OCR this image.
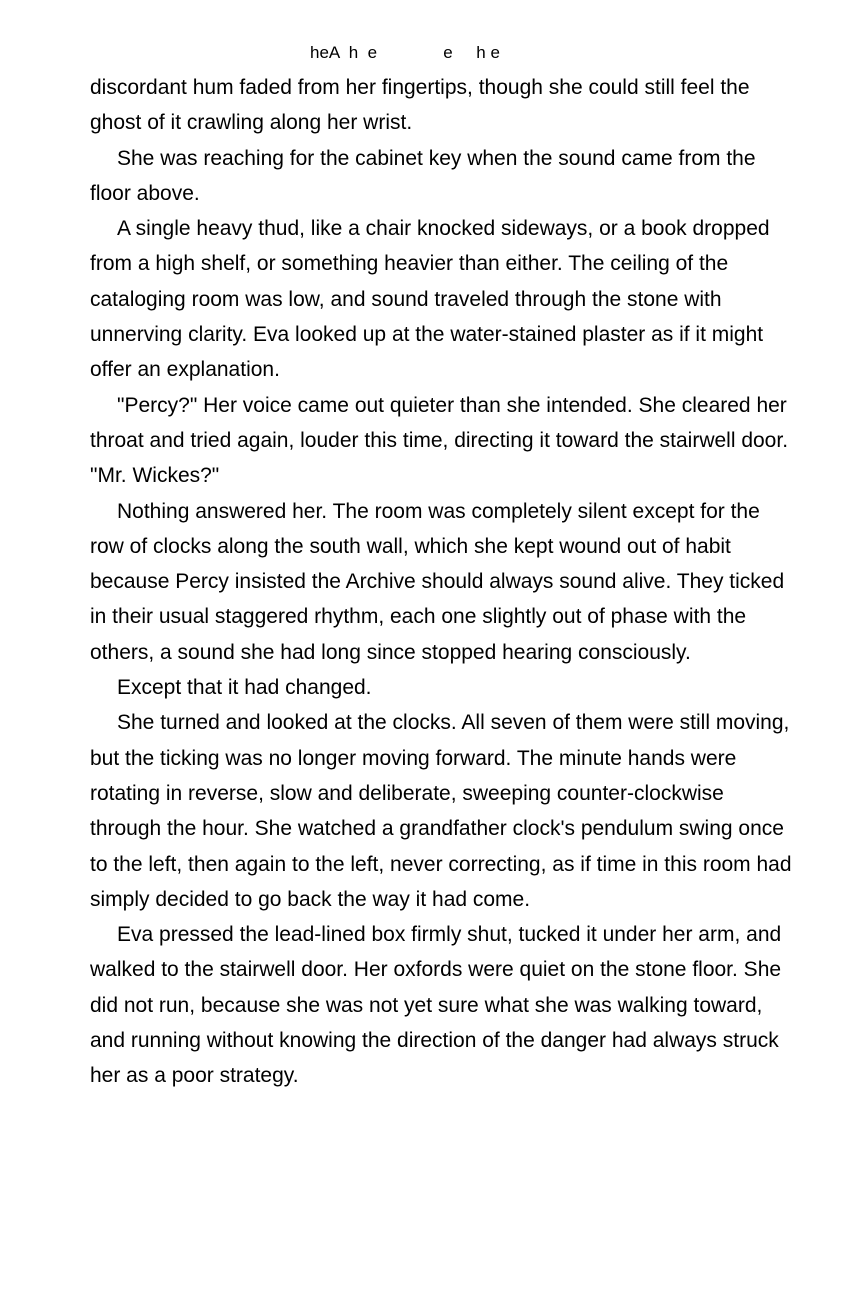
heA  h  e              e     h e

discordant hum faded from her fingertips, though she could still feel the ghost of it crawling along her wrist.

She was reaching for the cabinet key when the sound came from the floor above.

A single heavy thud, like a chair knocked sideways, or a book dropped from a high shelf, or something heavier than either. The ceiling of the cataloging room was low, and sound traveled through the stone with unnerving clarity. Eva looked up at the water-stained plaster as if it might offer an explanation.

"Percy?" Her voice came out quieter than she intended. She cleared her throat and tried again, louder this time, directing it toward the stairwell door. "Mr. Wickes?"

Nothing answered her. The room was completely silent except for the row of clocks along the south wall, which she kept wound out of habit because Percy insisted the Archive should always sound alive. They ticked in their usual staggered rhythm, each one slightly out of phase with the others, a sound she had long since stopped hearing consciously.

Except that it had changed.

She turned and looked at the clocks. All seven of them were still moving, but the ticking was no longer moving forward. The minute hands were rotating in reverse, slow and deliberate, sweeping counter-clockwise through the hour. She watched a grandfather clock's pendulum swing once to the left, then again to the left, never correcting, as if time in this room had simply decided to go back the way it had come.

Eva pressed the lead-lined box firmly shut, tucked it under her arm, and walked to the stairwell door. Her oxfords were quiet on the stone floor. She did not run, because she was not yet sure what she was walking toward, and running without knowing the direction of the danger had always struck her as a poor strategy.
